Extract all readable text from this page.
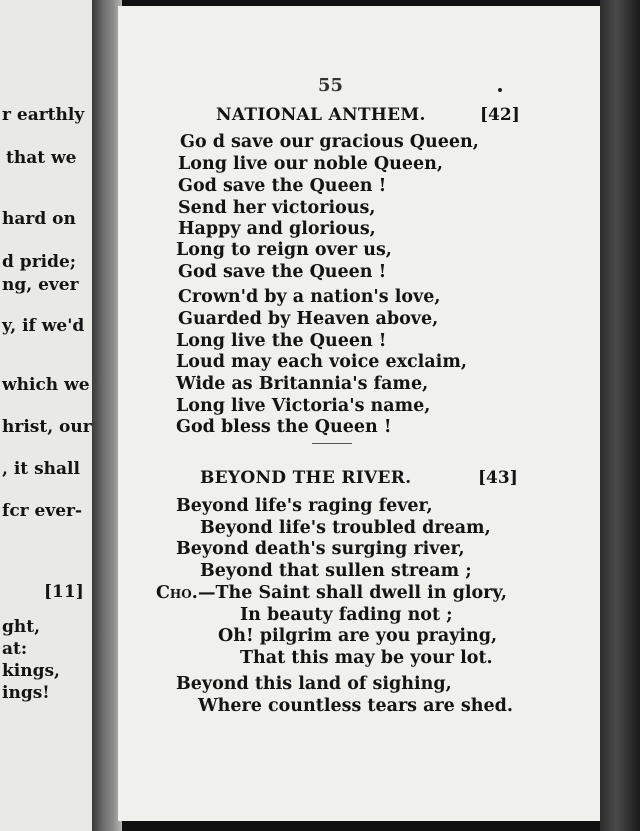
r earthly
that we
hard on
d pride;
ng, ever
y, if we'd
which we
hrist, our
, it shall
fcr ever-
[11]
ght,
at:
kings,
ings!
55
NATIONAL ANTHEM.	[42]
Go d save our gracious Queen,
Long live our noble Queen,
God save the Queen !
Send her victorious,
Happy and glorious,
Long to reign over us,
God save the Queen !
Crown'd by a nation's love,
Guarded by Heaven above,
Long live the Queen !
Loud may each voice exclaim,
Wide as Britannia's fame,
Long live Victoria's name,
God bless the Queen !
BEYOND THE RIVER.	[43]
Beyond life's raging fever,
Beyond life's troubled dream,
Beyond death's surging river,
Beyond that sullen stream ;
Cho. —The Saint shall dwell in glory,
In beauty fading not ;
Oh! pilgrim are you praying,
That this may be your lot.
Beyond this land of sighing,
Where countless tears are shed.
